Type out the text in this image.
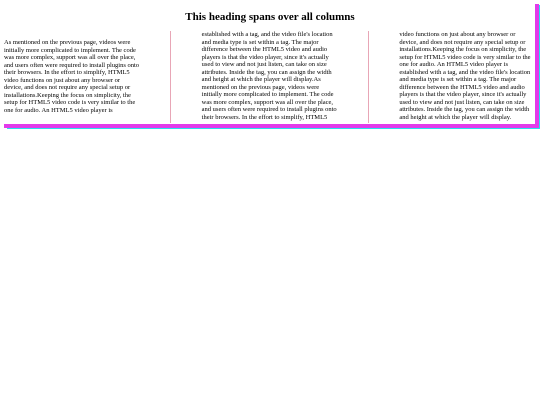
This heading spans over all columns

As mentioned on the previous page, videos were initially more complicated to implement. The code was more complex, support was all over the place, and users often were required to install plugins onto their browsers. In the effort to simplify, HTML5 video functions on just about any browser or device, and does not require any special setup or installations.Keeping the focus on simplicity, the setup for HTML5 video code is very similar to the one for audio. An HTML5 video player is established with a tag, and the video file's location and media type is set within a tag. The major difference between the HTML5 video and audio players is that the video player, since it's actually used to view and not just listen, can take on size attributes. Inside the tag, you can assign the width and height at which the player will display.As mentioned on the previous page, videos were initially more complicated to implement. The code was more complex, support was all over the place, and users often were required to install plugins onto their browsers. In the effort to simplify, HTML5 video functions on just about any browser or device, and does not require any special setup or installations.Keeping the focus on simplicity, the setup for HTML5 video code is very similar to the one for audio. An HTML5 video player is established with a tag, and the video file's location and media type is set within a tag. The major difference between the HTML5 video and audio players is that the video player, since it's actually used to view and not just listen, can take on size attributes. Inside the tag, you can assign the width and height at which the player will display.
